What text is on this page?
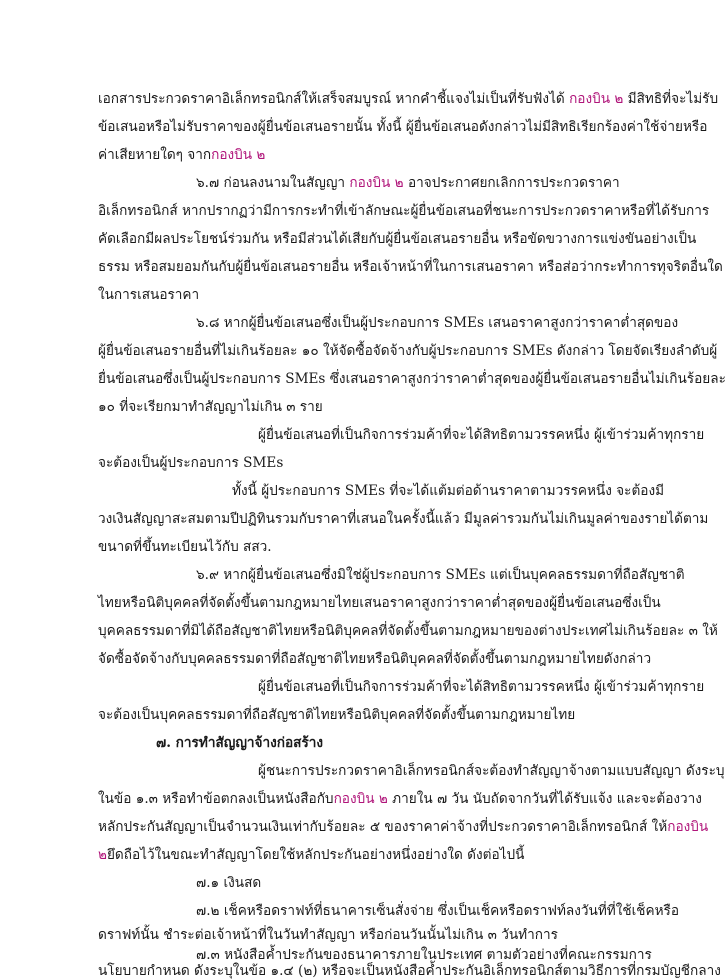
เอกสารประกวดราคาอิเล็กทรอนิกส์ให้เสร็จสมบูรณ์ หากคำชี้แจงไม่เป็นที่รับฟังได้ กองบิน ๒ มีสิทธิที่จะไม่รับ
ข้อเสนอหรือไม่รับราคาของผู้ยื่นข้อเสนอรายนั้น ทั้งนี้ ผู้ยื่นข้อเสนอดังกล่าวไม่มีสิทธิเรียกร้องค่าใช้จ่ายหรือ
ค่าเสียหายใดๆ จากกองบิน ๒
๖.๗ ก่อนลงนามในสัญญา กองบิน ๒ อาจประกาศยกเลิกการประกวดราคา
อิเล็กทรอนิกส์ หากปรากฏว่ามีการกระทำที่เข้าลักษณะผู้ยื่นข้อเสนอที่ชนะการประกวดราคาหรือที่ได้รับการ
คัดเลือกมีผลประโยชน์ร่วมกัน หรือมีส่วนได้เสียกับผู้ยื่นข้อเสนอรายอื่น หรือขัดขวางการแข่งขันอย่างเป็น
ธรรม หรือสมยอมกันกับผู้ยื่นข้อเสนอรายอื่น หรือเจ้าหน้าที่ในการเสนอราคา หรือส่อว่ากระทำการทุจริตอื่นใด
ในการเสนอราคา
๖.๘ หากผู้ยื่นข้อเสนอซึ่งเป็นผู้ประกอบการ SMEs เสนอราคาสูงกว่าราคาต่ำสุดของ
ผู้ยื่นข้อเสนอรายอื่นที่ไม่เกินร้อยละ ๑๐ ให้จัดซื้อจัดจ้างกับผู้ประกอบการ SMEs ดังกล่าว โดยจัดเรียงลำดับผู้
ยื่นข้อเสนอซึ่งเป็นผู้ประกอบการ SMEs ซึ่งเสนอราคาสูงกว่าราคาต่ำสุดของผู้ยื่นข้อเสนอรายอื่นไม่เกินร้อยละ
๑๐ ที่จะเรียกมาทำสัญญาไม่เกิน ๓ ราย
ผู้ยื่นข้อเสนอที่เป็นกิจการร่วมค้าที่จะได้สิทธิตามวรรคหนึ่ง ผู้เข้าร่วมค้าทุกราย
จะต้องเป็นผู้ประกอบการ SMEs
ทั้งนี้ ผู้ประกอบการ SMEs ที่จะได้แต้มต่อด้านราคาตามวรรคหนึ่ง จะต้องมี
วงเงินสัญญาสะสมตามปีปฏิทินรวมกับราคาที่เสนอในครั้งนี้แล้ว มีมูลค่ารวมกันไม่เกินมูลค่าของรายได้ตาม
ขนาดที่ขึ้นทะเบียนไว้กับ สสว.
๖.๙ หากผู้ยื่นข้อเสนอซึ่งมิใช่ผู้ประกอบการ SMEs แต่เป็นบุคคลธรรมดาที่ถือสัญชาติ
ไทยหรือนิติบุคคลที่จัดตั้งขึ้นตามกฎหมายไทยเสนอราคาสูงกว่าราคาต่ำสุดของผู้ยื่นข้อเสนอซึ่งเป็น
บุคคลธรรมดาที่มิได้ถือสัญชาติไทยหรือนิติบุคคลที่จัดตั้งขึ้นตามกฎหมายของต่างประเทศไม่เกินร้อยละ ๓ ให้
จัดซื้อจัดจ้างกับบุคคลธรรมดาที่ถือสัญชาติไทยหรือนิติบุคคลที่จัดตั้งขึ้นตามกฎหมายไทยดังกล่าว
ผู้ยื่นข้อเสนอที่เป็นกิจการร่วมค้าที่จะได้สิทธิตามวรรคหนึ่ง ผู้เข้าร่วมค้าทุกราย
จะต้องเป็นบุคคลธรรมดาที่ถือสัญชาติไทยหรือนิติบุคคลที่จัดตั้งขึ้นตามกฎหมายไทย
๗. การทำสัญญาจ้างก่อสร้าง
ผู้ชนะการประกวดราคาอิเล็กทรอนิกส์จะต้องทำสัญญาจ้างตามแบบสัญญา ดังระบุ
ในข้อ ๑.๓ หรือทำข้อตกลงเป็นหนังสือกับกองบิน ๒ ภายใน ๗ วัน นับถัดจากวันที่ได้รับแจ้ง และจะต้องวาง
หลักประกันสัญญาเป็นจำนวนเงินเท่ากับร้อยละ ๕ ของราคาค่าจ้างที่ประกวดราคาอิเล็กทรอนิกส์ ให้กองบิน
๒ยึดถือไว้ในขณะทำสัญญาโดยใช้หลักประกันอย่างหนึ่งอย่างใด ดังต่อไปนี้
๗.๑ เงินสด
๗.๒ เช็คหรือดราฟท์ที่ธนาคารเซ็นสั่งจ่าย ซึ่งเป็นเช็คหรือดราฟท์ลงวันที่ที่ใช้เช็คหรือ
ดราฟท์นั้น ชำระต่อเจ้าหน้าที่ในวันทำสัญญา หรือก่อนวันนั้นไม่เกิน ๓ วันทำการ
๗.๓ หนังสือค้ำประกันของธนาคารภายในประเทศ ตามตัวอย่างที่คณะกรรมการ
นโยบายกำหนด ดังระบุในข้อ ๑.๔ (๒) หรือจะเป็นหนังสือค้ำประกันอิเล็กทรอนิกส์ตามวิธีการที่กรมบัญชีกลาง
